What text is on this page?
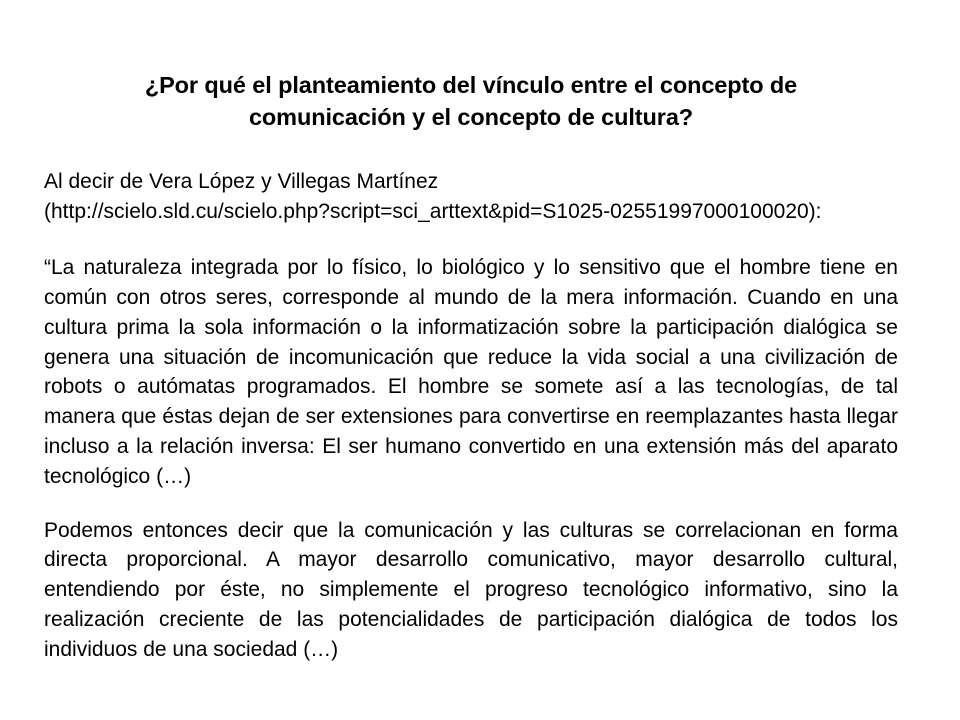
¿Por qué el planteamiento del vínculo entre el concepto de comunicación y el concepto de cultura?

Al decir de Vera López y Villegas Martínez

(http://scielo.sld.cu/scielo.php?script=sci_arttext&pid=S1025-02551997000100020):

“La naturaleza integrada por lo físico, lo biológico y lo sensitivo que el hombre tiene en común con otros seres, corresponde al mundo de la mera información. Cuando en una cultura prima la sola información o la informatización sobre la participación dialógica se genera una situación de incomunicación que reduce la vida social a una civilización de robots o autómatas programados. El hombre se somete así a las tecnologías, de tal manera que éstas dejan de ser extensiones para convertirse en reemplazantes hasta llegar incluso a la relación inversa: El ser humano convertido en una extensión más del aparato tecnológico (…)

Podemos entonces decir que la comunicación y las culturas se correlacionan en forma directa proporcional. A mayor desarrollo comunicativo, mayor desarrollo cultural, entendiendo por éste, no simplemente el progreso tecnológico informativo, sino la realización creciente de las potencialidades de participación dialógica de todos los individuos de una sociedad (…)
